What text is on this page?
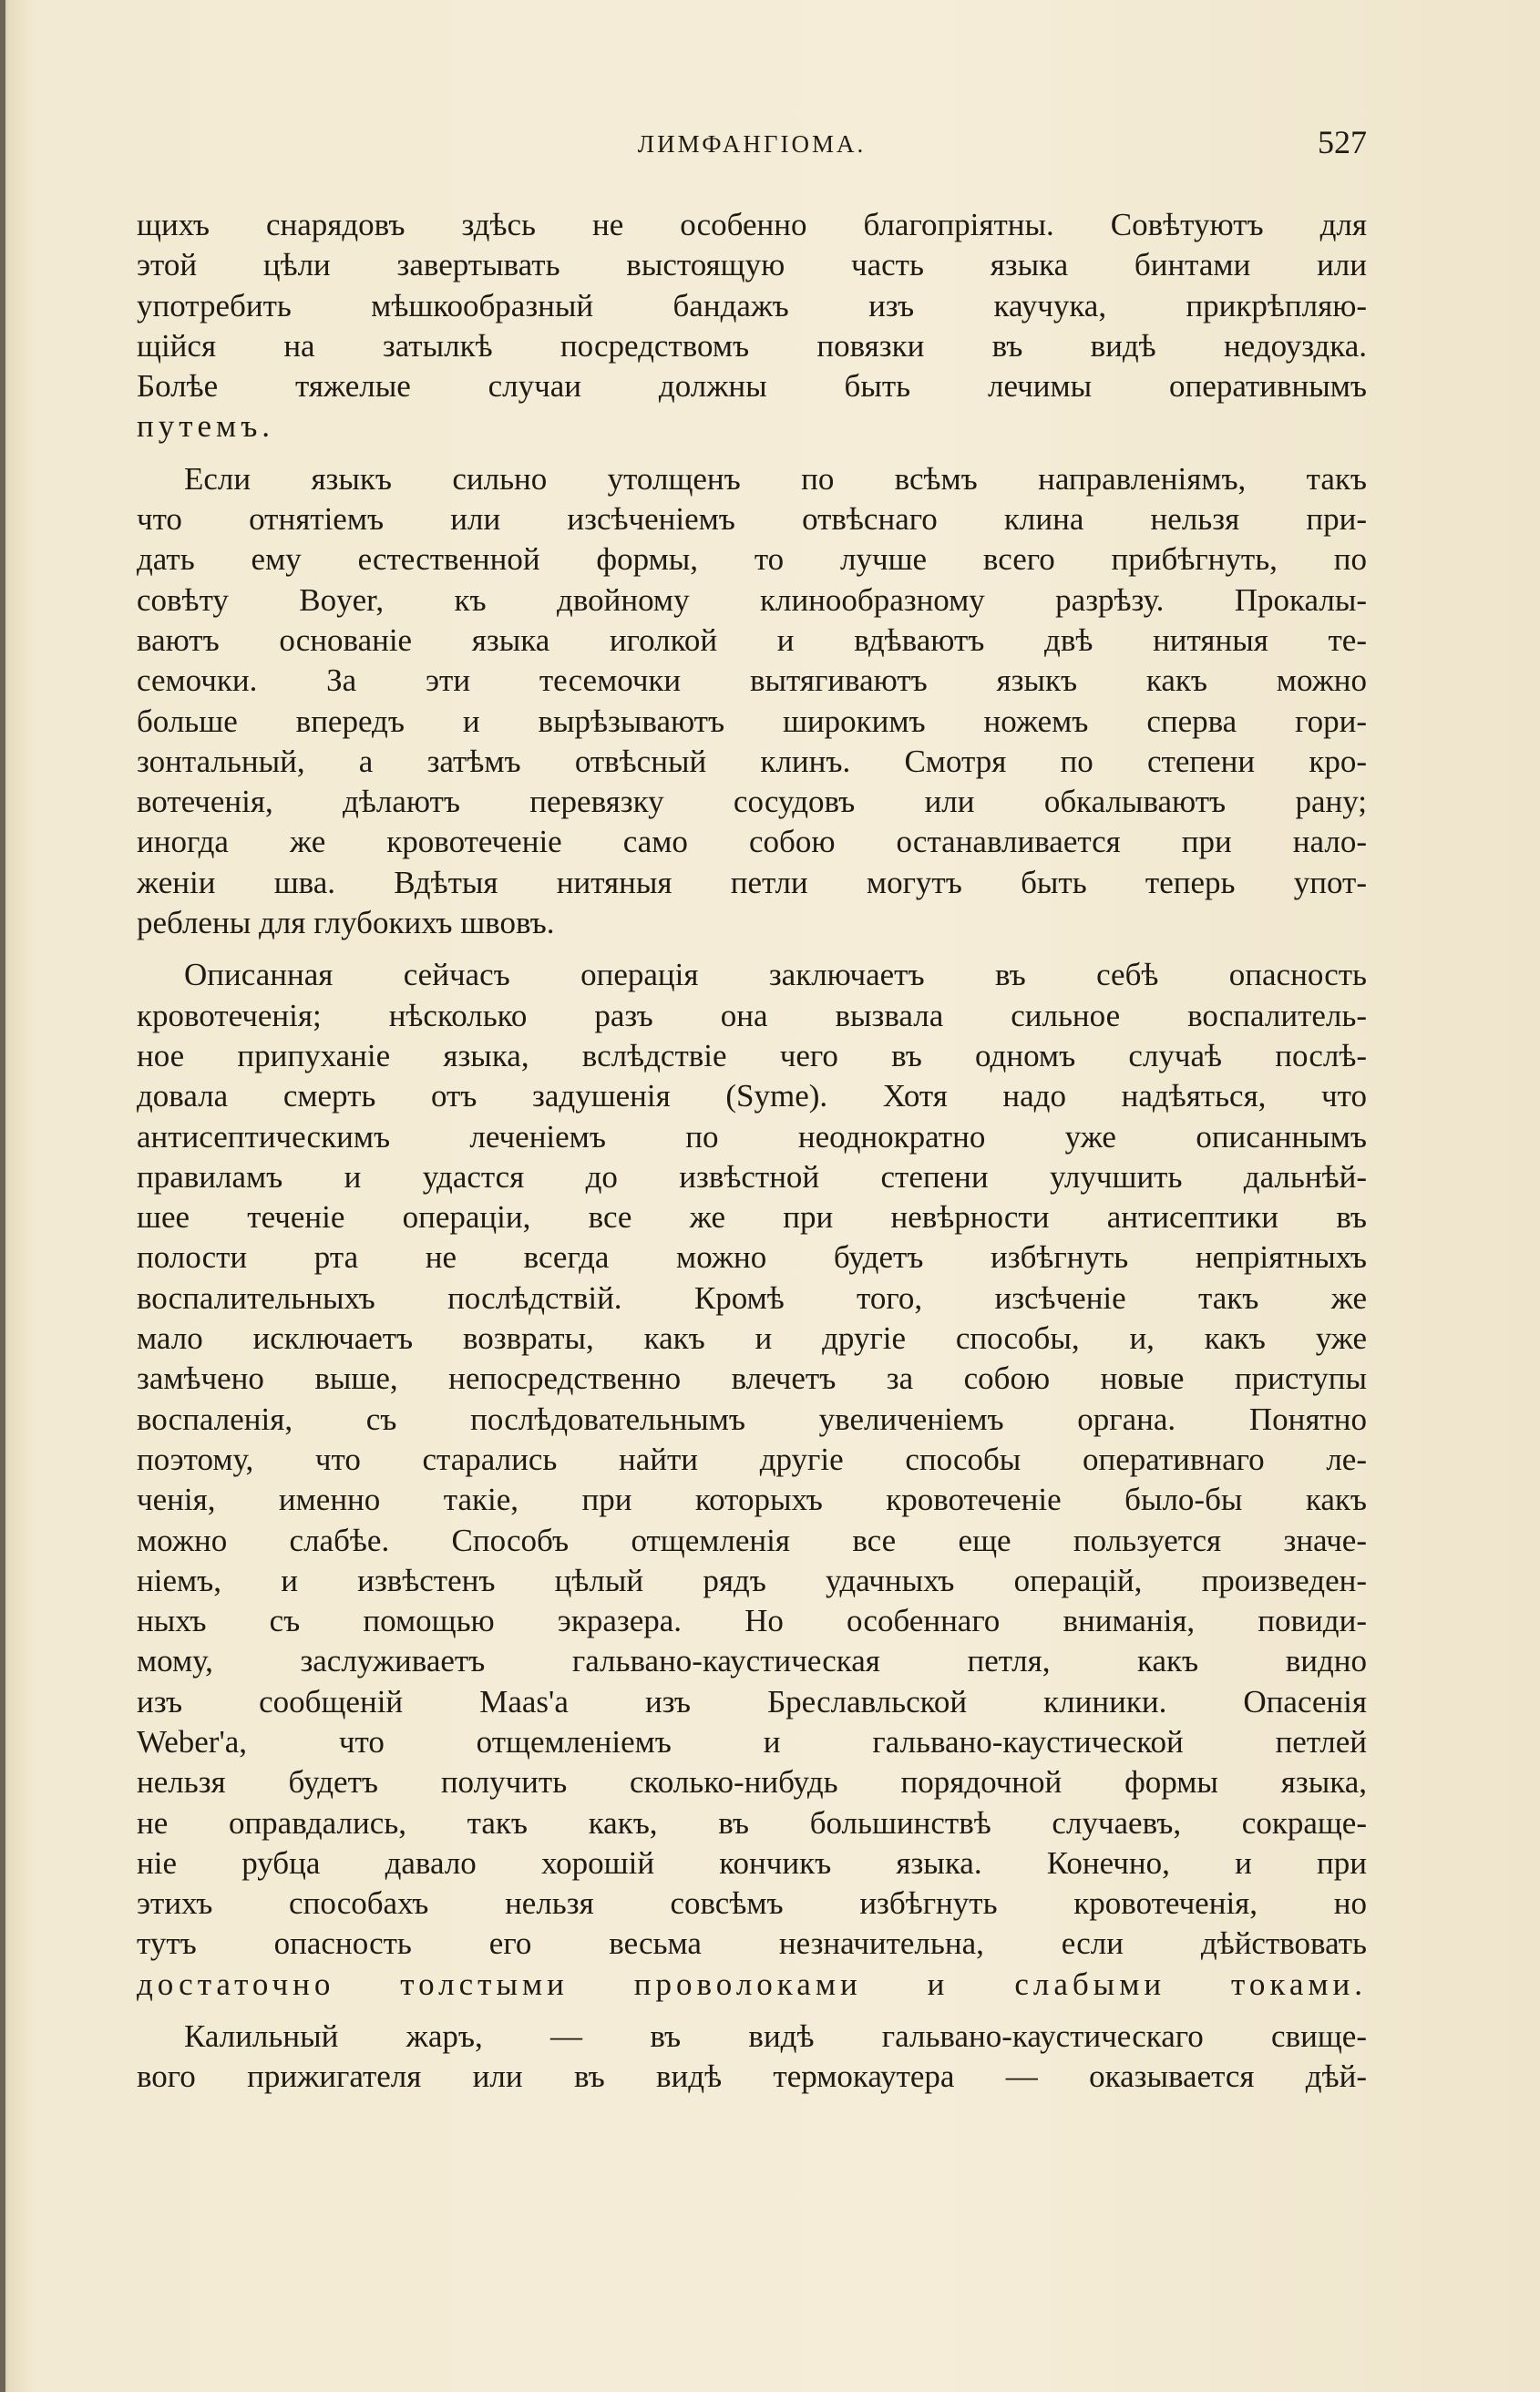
ЛИМФАНГІОМА.	527
щихъ снарядовъ здѣсь не особенно благопріятны. Совѣтуютъ для
этой цѣли завертывать выстоящую часть языка бинтами или
употребить мѣшкообразный бандажъ изъ каучука, прикрѣпляю-
щійся на затылкѣ посредствомъ повязки въ видѣ недоуздка.
Болѣе тяжелые случаи должны быть лечимы оперативнымъ
путемъ.
Если языкъ сильно утолщенъ по всѣмъ направленіямъ, такъ
что отнятіемъ или изсѣченіемъ отвѣснаго клина нельзя при-
дать ему естественной формы, то лучше всего прибѣгнуть, по
совѣту Boyer, къ двойному клинообразному разрѣзу. Прокалы-
ваютъ основаніе языка иголкой и вдѣваютъ двѣ нитяныя те-
семочки. За эти тесемочки вытягиваютъ языкъ какъ можно
больше впередъ и вырѣзываютъ широкимъ ножемъ сперва гори-
зонтальный, а затѣмъ отвѣсный клинъ. Смотря по степени кро-
вотеченія, дѣлаютъ перевязку сосудовъ или обкалываютъ рану;
иногда же кровотеченіе само собою останавливается при нало-
женіи шва. Вдѣтыя нитяныя петли могутъ быть теперь упот-
реблены для глубокихъ швовъ.
Описанная сейчасъ операція заключаетъ въ себѣ опасность
кровотеченія; нѣсколько разъ она вызвала сильное воспалитель-
ное припуханіе языка, вслѣдствіе чего въ одномъ случаѣ послѣ-
довала смерть отъ задушенія (Syme). Хотя надо надѣяться, что
антисептическимъ леченіемъ по неоднократно уже описаннымъ
правиламъ и удастся до извѣстной степени улучшить дальнѣй-
шее теченіе операціи, все же при невѣрности антисептики въ
полости рта не всегда можно будетъ избѣгнуть непріятныхъ
воспалительныхъ послѣдствій. Кромѣ того, изсѣченіе такъ же
мало исключаетъ возвраты, какъ и другіе способы, и, какъ уже
замѣчено выше, непосредственно влечетъ за собою новые приступы
воспаленія, съ послѣдовательнымъ увеличеніемъ органа. Понятно
поэтому, что старались найти другіе способы оперативнаго ле-
ченія, именно такіе, при которыхъ кровотеченіе было-бы какъ
можно слабѣе. Способъ отщемленія все еще пользуется значе-
ніемъ, и извѣстенъ цѣлый рядъ удачныхъ операцій, произведен-
ныхъ съ помощью экразера. Но особеннаго вниманія, повиди-
мому, заслуживаетъ гальвано-каустическая петля, какъ видно
изъ сообщеній Maas'a изъ Бреславльской клиники. Опасенія
Weber'a, что отщемленіемъ и гальвано-каустической петлей
нельзя будетъ получить сколько-нибудь порядочной формы языка,
не оправдались, такъ какъ, въ большинствѣ случаевъ, сокраще-
ніе рубца давало хорошій кончикъ языка. Конечно, и при
этихъ способахъ нельзя совсѣмъ избѣгнуть кровотеченія, но
тутъ опасность его весьма незначительна, если дѣйствовать
достаточно толстыми проволоками и слабыми токами.
Калильный жаръ, — въ видѣ гальвано-каустическаго свище-
вого прижигателя или въ видѣ термокаутера — оказывается дѣй-
